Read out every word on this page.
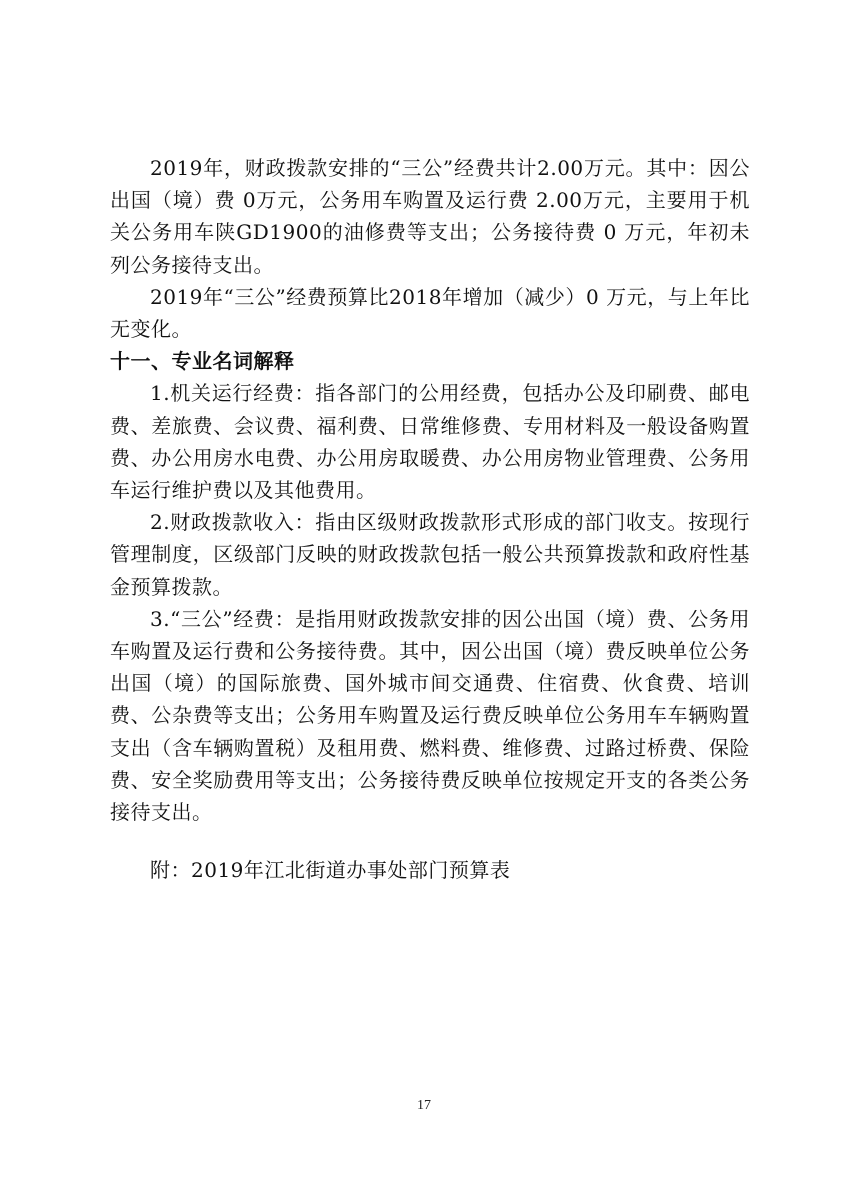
2019年，财政拨款安排的“三公”经费共计2.00万元。其中：因公出国（境）费 0万元，公务用车购置及运行费 2.00万元，主要用于机关公务用车陕GD1900的油修费等支出；公务接待费 0 万元，年初未列公务接待支出。

2019年“三公”经费预算比2018年增加（减少）0 万元，与上年比无变化。

十一、专业名词解释

1.机关运行经费：指各部门的公用经费，包括办公及印刷费、邮电费、差旅费、会议费、福利费、日常维修费、专用材料及一般设备购置费、办公用房水电费、办公用房取暖费、办公用房物业管理费、公务用车运行维护费以及其他费用。

2.财政拨款收入：指由区级财政拨款形式形成的部门收支。按现行管理制度，区级部门反映的财政拨款包括一般公共预算拨款和政府性基金预算拨款。

3.“三公”经费：是指用财政拨款安排的因公出国（境）费、公务用车购置及运行费和公务接待费。其中，因公出国（境）费反映单位公务出国（境）的国际旅费、国外城市间交通费、住宿费、伙食费、培训费、公杂费等支出；公务用车购置及运行费反映单位公务用车车辆购置支出（含车辆购置税）及租用费、燃料费、维修费、过路过桥费、保险费、安全奖励费用等支出；公务接待费反映单位按规定开支的各类公务接待支出。

附：2019年江北街道办事处部门预算表

17
